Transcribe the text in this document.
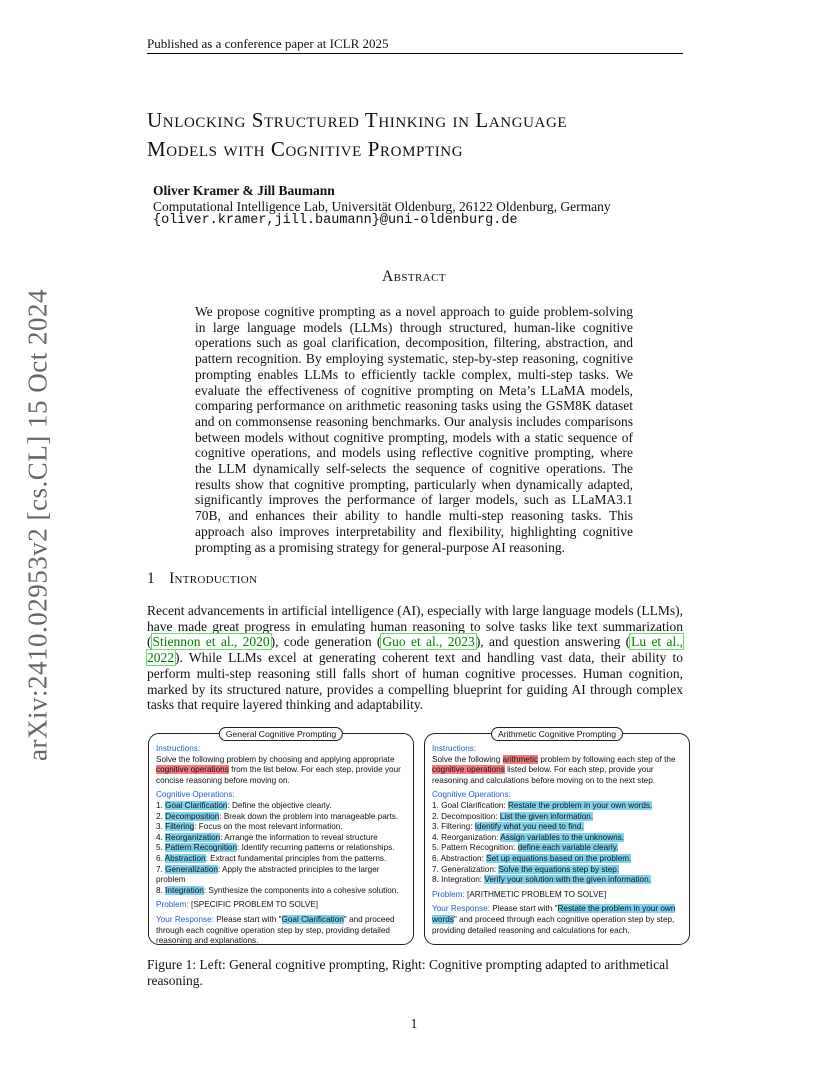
Published as a conference paper at ICLR 2025
arXiv:2410.02953v2 [cs.CL] 15 Oct 2024
Unlocking Structured Thinking in Language
Models with Cognitive Prompting
Oliver Kramer & Jill Baumann
Computational Intelligence Lab, Universität Oldenburg, 26122 Oldenburg, Germany
{oliver.kramer,jill.baumann}@uni-oldenburg.de
Abstract
We propose cognitive prompting as a novel approach to guide problem-solving in large language models (LLMs) through structured, human-like cognitive operations such as goal clarification, decomposition, filtering, abstraction, and pattern recognition. By employing systematic, step-by-step reasoning, cognitive prompting enables LLMs to efficiently tackle complex, multi-step tasks. We evaluate the effectiveness of cognitive prompting on Meta’s LLaMA models, comparing performance on arithmetic reasoning tasks using the GSM8K dataset and on commonsense reasoning benchmarks. Our analysis includes comparisons between models without cognitive prompting, models with a static sequence of cognitive operations, and models using reflective cognitive prompting, where the LLM dynamically self-selects the sequence of cognitive operations. The results show that cognitive prompting, particularly when dynamically adapted, significantly improves the performance of larger models, such as LLaMA3.1 70B, and enhances their ability to handle multi-step reasoning tasks. This approach also improves interpretability and flexibility, highlighting cognitive prompting as a promising strategy for general-purpose AI reasoning.
1 Introduction
Recent advancements in artificial intelligence (AI), especially with large language models (LLMs), have made great progress in emulating human reasoning to solve tasks like text summarization (Stiennon et al., 2020), code generation (Guo et al., 2023), and question answering (Lu et al., 2022). While LLMs excel at generating coherent text and handling vast data, their ability to perform multi-step reasoning still falls short of human cognitive processes. Human cognition, marked by its structured nature, provides a compelling blueprint for guiding AI through complex tasks that require layered thinking and adaptability.
General Cognitive Prompting
Instructions:
Solve the following problem by choosing and applying appropriate cognitive operations from the list below. For each step, provide your concise reasoning before moving on.
Cognitive Operations:
1. Goal Clarification: Define the objective clearly.
2. Decomposition: Break down the problem into manageable parts.
3. Filtering: Focus on the most relevant information.
4. Reorganization: Arrange the information to reveal structure
5. Pattern Recognition: Identify recurring patterns or relationships.
6. Abstraction: Extract fundamental principles from the patterns.
7. Generalization: Apply the abstracted principles to the larger problem
8. Integration: Synthesize the components into a cohesive solution.
Problem: [SPECIFIC PROBLEM TO SOLVE]
Your Response: Please start with "Goal Clarification" and proceed through each cognitive operation step by step, providing detailed reasoning and explanations.
Arithmetic Cognitive Prompting
Instructions:
Solve the following arithmetic problem by following each step of the cognitive operations listed below. For each step, provide your reasoning and calculations before moving on to the next step.
Cognitive Operations:
1. Goal Clarification: Restate the problem in your own words.
2. Decomposition: List the given information.
3. Filtering: Identify what you need to find.
4. Reorganization: Assign variables to the unknowns.
5. Pattern Recognition: define each variable clearly.
6. Abstraction: Set up equations based on the problem.
7. Generalization: Solve the equations step by step.
8. Integration: Verify your solution with the given information.
Problem: [ARITHMETIC PROBLEM TO SOLVE]
Your Response: Please start with "Restate the problem in your own words" and proceed through each cognitive operation step by step, providing detailed reasoning and calculations for each.
Figure 1: Left: General cognitive prompting, Right: Cognitive prompting adapted to arithmetical reasoning.
1
